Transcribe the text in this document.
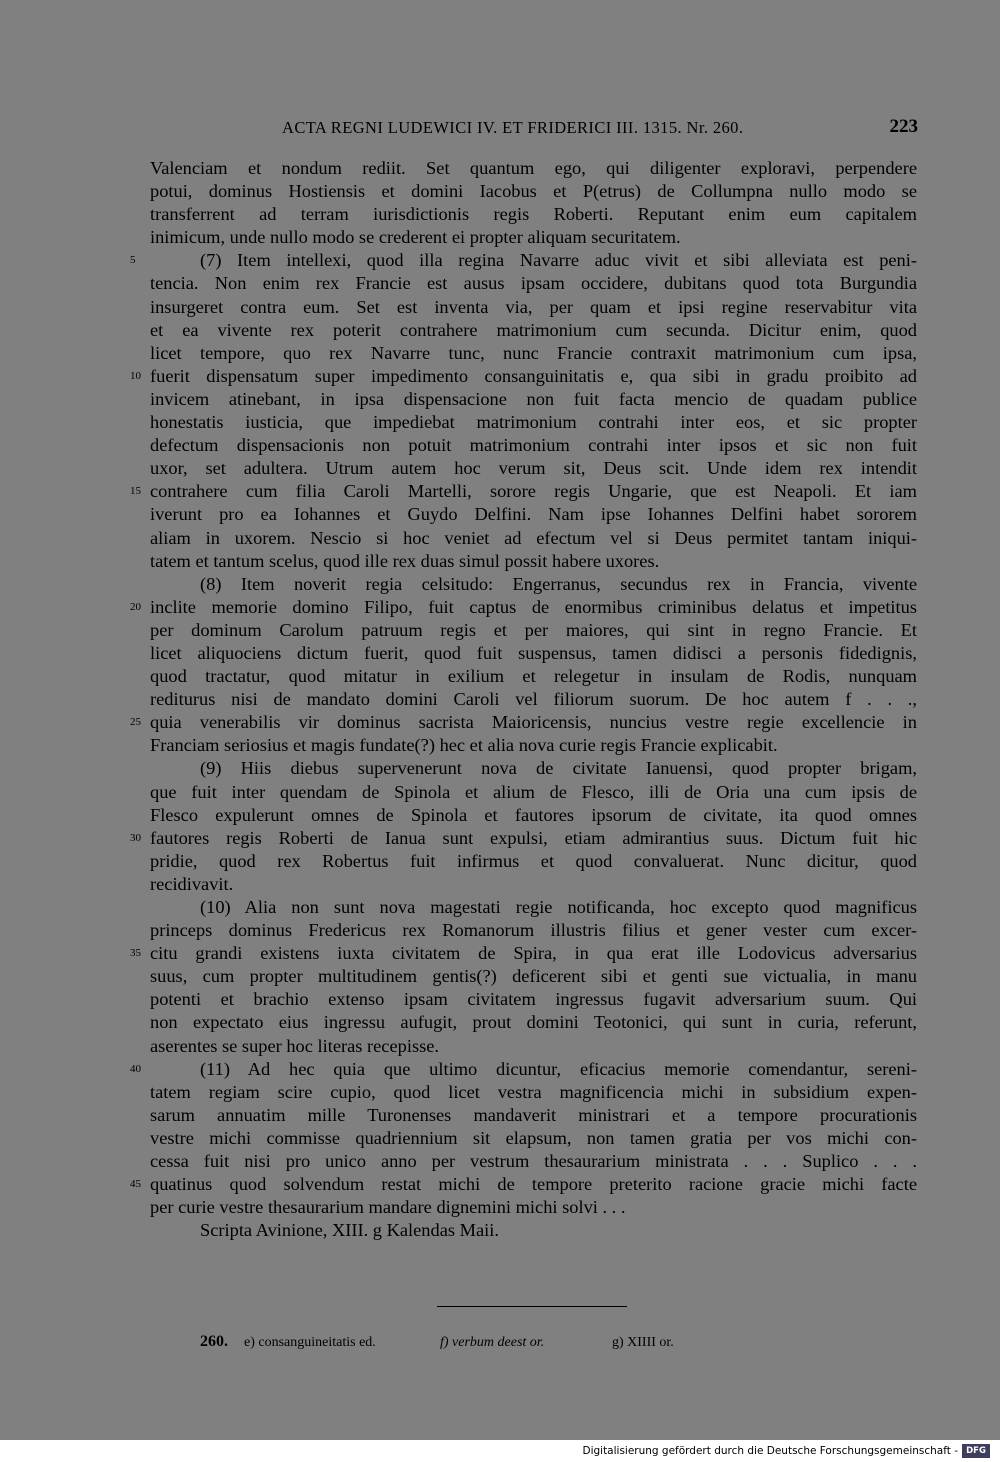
ACTA REGNI LUDEWICI IV. ET FRIDERICI III. 1315. Nr. 260.	223
Valenciam et nondum rediit. Set quantum ego, qui diligenter exploravi, perpendere
potui, dominus Hostiensis et domini Iacobus et P(etrus) de Collumpna nullo modo se
transferrent ad terram iurisdictionis regis Roberti. Reputant enim eum capitalem
inimicum, unde nullo modo se crederent ei propter aliquam securitatem.
5	(7) Item intellexi, quod illa regina Navarre aduc vivit et sibi alleviata est peni-
tencia. Non enim rex Francie est ausus ipsam occidere, dubitans quod tota Burgundia
insurgeret contra eum. Set est inventa via, per quam et ipsi regine reservabitur vita
et ea vivente rex poterit contrahere matrimonium cum secunda. Dicitur enim, quod
licet tempore, quo rex Navarre tunc, nunc Francie contraxit matrimonium cum ipsa,
10 fuerit dispensatum super impedimento consanguinitatis e, qua sibi in gradu proibito ad
invicem atinebant, in ipsa dispensacione non fuit facta mencio de quadam publice
honestatis iusticia, que impediebat matrimonium contrahi inter eos, et sic propter
defectum dispensacionis non potuit matrimonium contrahi inter ipsos et sic non fuit
uxor, set adultera. Utrum autem hoc verum sit, Deus scit. Unde idem rex intendit
15 contrahere cum filia Caroli Martelli, sorore regis Ungarie, que est Neapoli. Et iam
iverunt pro ea Iohannes et Guydo Delfini. Nam ipse Iohannes Delfini habet sororem
aliam in uxorem. Nescio si hoc veniet ad efectum vel si Deus permitet tantam iniqui-
tatem et tantum scelus, quod ille rex duas simul possit habere uxores.
(8) Item noverit regia celsitudo: Engerranus, secundus rex in Francia, vivente
20 inclite memorie domino Filipo, fuit captus de enormibus criminibus delatus et impetitus
per dominum Carolum patruum regis et per maiores, qui sint in regno Francie. Et
licet aliquociens dictum fuerit, quod fuit suspensus, tamen didisci a personis fidedignis,
quod tractatur, quod mitatur in exilium et relegetur in insulam de Rodis, nunquam
rediturus nisi de mandato domini Caroli vel filiorum suorum. De hoc autem f . . .,
25 quia venerabilis vir dominus sacrista Maioricensis, nuncius vestre regie excellencie in
Franciam seriosius et magis fundate(?) hec et alia nova curie regis Francie explicabit.
(9) Hiis diebus supervenerunt nova de civitate Ianuensi, quod propter brigam,
que fuit inter quendam de Spinola et alium de Flesco, illi de Oria una cum ipsis de
Flesco expulerunt omnes de Spinola et fautores ipsorum de civitate, ita quod omnes
30 fautores regis Roberti de Ianua sunt expulsi, etiam admirantius suus. Dictum fuit hic
pridie, quod rex Robertus fuit infirmus et quod convaluerat. Nunc dicitur, quod
recidivavit.
(10) Alia non sunt nova magestati regie notificanda, hoc excepto quod magnificus
princeps dominus Fredericus rex Romanorum illustris filius et gener vester cum excer-
35 citu grandi existens iuxta civitatem de Spira, in qua erat ille Lodovicus adversarius
suus, cum propter multitudinem gentis(?) deficerent sibi et genti sue victualia, in manu
potenti et brachio extenso ipsam civitatem ingressus fugavit adversarium suum. Qui
non expectato eius ingressu aufugit, prout domini Teotonici, qui sunt in curia, referunt,
aserentes se super hoc literas recepisse.
40	(11) Ad hec quia que ultimo dicuntur, eficacius memorie comendantur, sereni-
tatem regiam scire cupio, quod licet vestra magnificencia michi in subsidium expen-
sarum annuatim mille Turonenses mandaverit ministrari et a tempore procurationis
vestre michi commisse quadriennium sit elapsum, non tamen gratia per vos michi con-
cessa fuit nisi pro unico anno per vestrum thesaurarium ministrata . . . Suplico . . .
45 quatinus quod solvendum restat michi de tempore preterito racione gracie michi facte
per curie vestre thesaurarium mandare dignemini michi solvi . . .
Scripta Avinione, XIII. g Kalendas Maii.
260. e) consanguineitatis ed.	f) verbum deest or.	g) XIIII or.
Digitalisierung gefördert durch die Deutsche Forschungsgemeinschaft - DFG
